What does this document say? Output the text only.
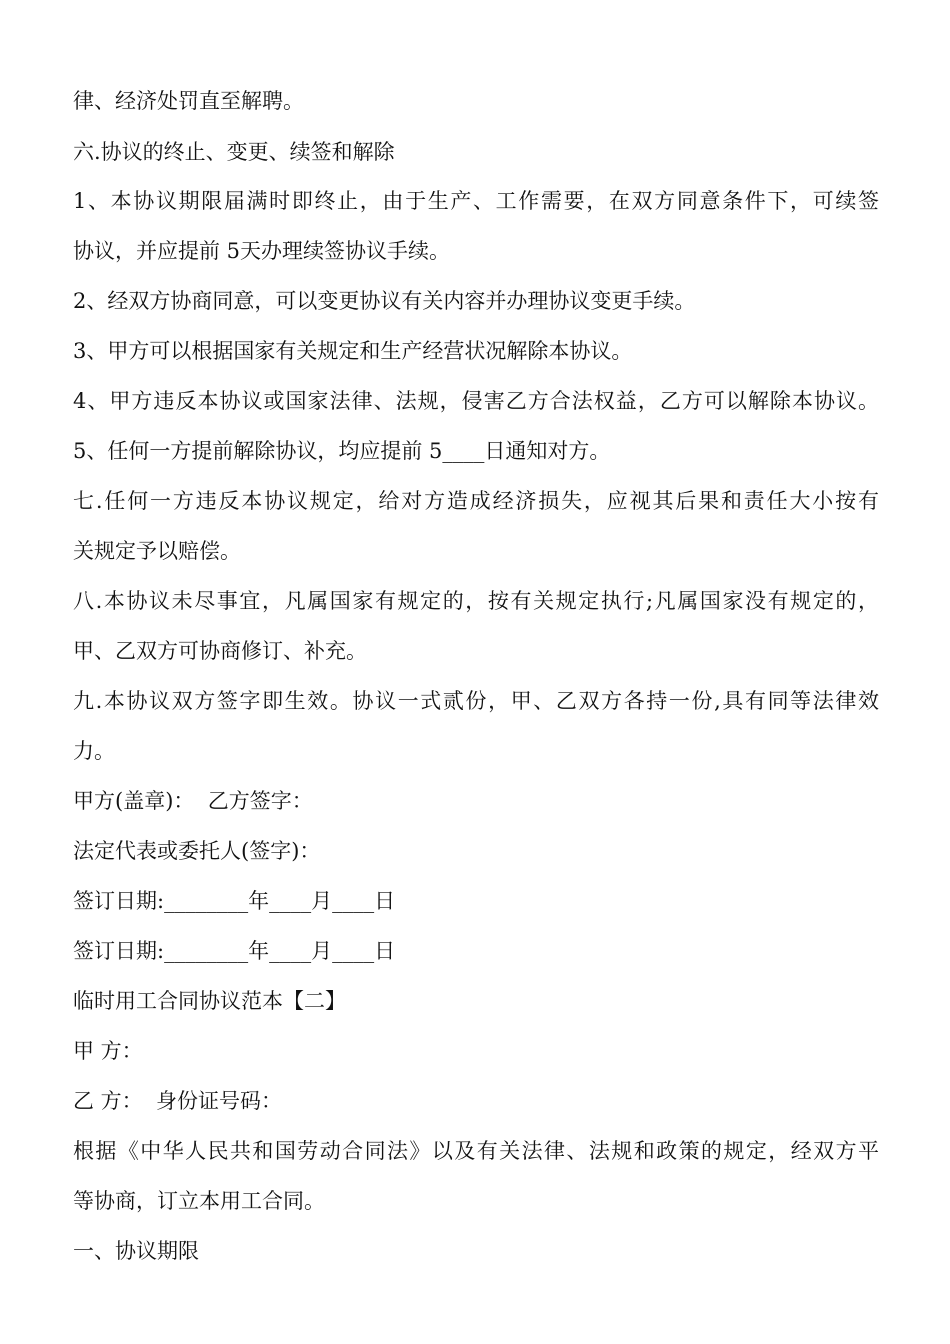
律、经济处罚直至解聘。
六.协议的终止、变更、续签和解除
1、本协议期限届满时即终止，由于生产、工作需要，在双方同意条件下，可续签
协议，并应提前 5天办理续签协议手续。
2、经双方协商同意，可以变更协议有关内容并办理协议变更手续。
3、甲方可以根据国家有关规定和生产经营状况解除本协议。
4、甲方违反本协议或国家法律、法规，侵害乙方合法权益，乙方可以解除本协议。
5、任何一方提前解除协议，均应提前 5____日通知对方。
七.任何一方违反本协议规定，给对方造成经济损失，应视其后果和责任大小按有
关规定予以赔偿。
八.本协议未尽事宜，凡属国家有规定的，按有关规定执行;凡属国家没有规定的，
甲、乙双方可协商修订、补充。
九.本协议双方签字即生效。协议一式贰份，甲、乙双方各持一份,具有同等法律效
力。
甲方(盖章)：  乙方签字：
法定代表或委托人(签字)：
签订日期:________年____月____日
签订日期:________年____月____日
临时用工合同协议范本【二】
甲 方：
乙 方：  身份证号码：
根据《中华人民共和国劳动合同法》以及有关法律、法规和政策的规定，经双方平
等协商，订立本用工合同。
一、协议期限
